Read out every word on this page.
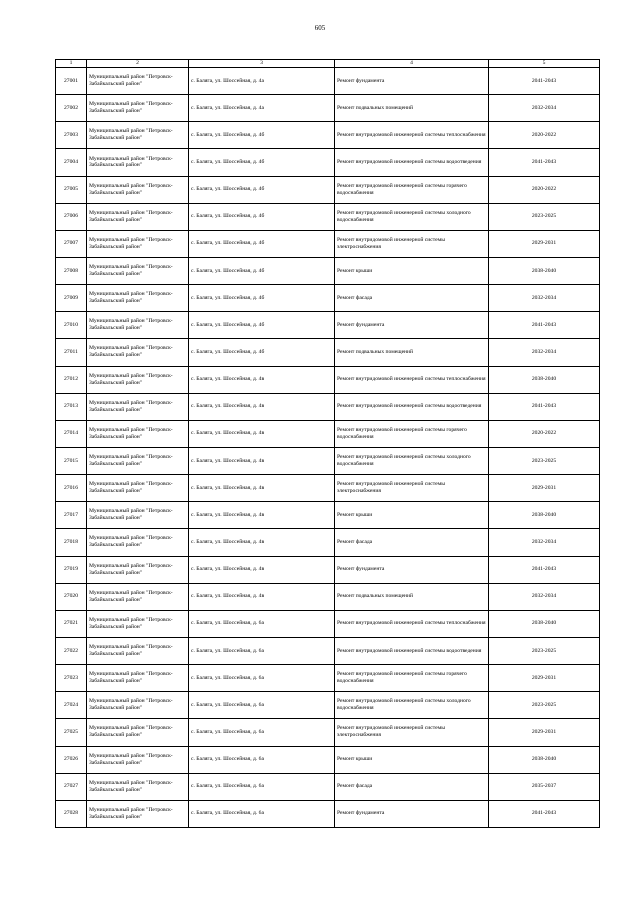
605
1	2	3	4	5
27001	Муниципальный район "Петровск-Забайкальский район"	с. Баляга, ул. Шоссейная, д. 4а	Ремонт фундамента	2041-2043
27002	Муниципальный район "Петровск-Забайкальский район"	с. Баляга, ул. Шоссейная, д. 4а	Ремонт подвальных помещений	2032-2034
27003	Муниципальный район "Петровск-Забайкальский район"	с. Баляга, ул. Шоссейная, д. 4б	Ремонт внутридомовой инженерной системы теплоснабжения	2020-2022
27004	Муниципальный район "Петровск-Забайкальский район"	с. Баляга, ул. Шоссейная, д. 4б	Ремонт внутридомовой инженерной системы водоотведения	2041-2043
27005	Муниципальный район "Петровск-Забайкальский район"	с. Баляга, ул. Шоссейная, д. 4б	Ремонт внутридомовой инженерной системы горячего водоснабжения	2020-2022
27006	Муниципальный район "Петровск-Забайкальский район"	с. Баляга, ул. Шоссейная, д. 4б	Ремонт внутридомовой инженерной системы холодного водоснабжения	2023-2025
27007	Муниципальный район "Петровск-Забайкальский район"	с. Баляга, ул. Шоссейная, д. 4б	Ремонт внутридомовой инженерной системы электроснабжения	2029-2031
27008	Муниципальный район "Петровск-Забайкальский район"	с. Баляга, ул. Шоссейная, д. 4б	Ремонт крыши	2038-2040
27009	Муниципальный район "Петровск-Забайкальский район"	с. Баляга, ул. Шоссейная, д. 4б	Ремонт фасада	2032-2034
27010	Муниципальный район "Петровск-Забайкальский район"	с. Баляга, ул. Шоссейная, д. 4б	Ремонт фундамента	2041-2043
27011	Муниципальный район "Петровск-Забайкальский район"	с. Баляга, ул. Шоссейная, д. 4б	Ремонт подвальных помещений	2032-2034
27012	Муниципальный район "Петровск-Забайкальский район"	с. Баляга, ул. Шоссейная, д. 4в	Ремонт внутридомовой инженерной системы теплоснабжения	2038-2040
27013	Муниципальный район "Петровск-Забайкальский район"	с. Баляга, ул. Шоссейная, д. 4в	Ремонт внутридомовой инженерной системы водоотведения	2041-2043
27014	Муниципальный район "Петровск-Забайкальский район"	с. Баляга, ул. Шоссейная, д. 4в	Ремонт внутридомовой инженерной системы горячего водоснабжения	2020-2022
27015	Муниципальный район "Петровск-Забайкальский район"	с. Баляга, ул. Шоссейная, д. 4в	Ремонт внутридомовой инженерной системы холодного водоснабжения	2023-2025
27016	Муниципальный район "Петровск-Забайкальский район"	с. Баляга, ул. Шоссейная, д. 4в	Ремонт внутридомовой инженерной системы электроснабжения	2029-2031
27017	Муниципальный район "Петровск-Забайкальский район"	с. Баляга, ул. Шоссейная, д. 4в	Ремонт крыши	2038-2040
27018	Муниципальный район "Петровск-Забайкальский район"	с. Баляга, ул. Шоссейная, д. 4в	Ремонт фасада	2032-2034
27019	Муниципальный район "Петровск-Забайкальский район"	с. Баляга, ул. Шоссейная, д. 4в	Ремонт фундамента	2041-2043
27020	Муниципальный район "Петровск-Забайкальский район"	с. Баляга, ул. Шоссейная, д. 4в	Ремонт подвальных помещений	2032-2034
27021	Муниципальный район "Петровск-Забайкальский район"	с. Баляга, ул. Шоссейная, д. 6а	Ремонт внутридомовой инженерной системы теплоснабжения	2038-2040
27022	Муниципальный район "Петровск-Забайкальский район"	с. Баляга, ул. Шоссейная, д. 6а	Ремонт внутридомовой инженерной системы водоотведения	2023-2025
27023	Муниципальный район "Петровск-Забайкальский район"	с. Баляга, ул. Шоссейная, д. 6а	Ремонт внутридомовой инженерной системы горячего водоснабжения	2029-2031
27024	Муниципальный район "Петровск-Забайкальский район"	с. Баляга, ул. Шоссейная, д. 6а	Ремонт внутридомовой инженерной системы холодного водоснабжения	2023-2025
27025	Муниципальный район "Петровск-Забайкальский район"	с. Баляга, ул. Шоссейная, д. 6а	Ремонт внутридомовой инженерной системы электроснабжения	2029-2031
27026	Муниципальный район "Петровск-Забайкальский район"	с. Баляга, ул. Шоссейная, д. 6а	Ремонт крыши	2038-2040
27027	Муниципальный район "Петровск-Забайкальский район"	с. Баляга, ул. Шоссейная, д. 6а	Ремонт фасада	2035-2037
27028	Муниципальный район "Петровск-Забайкальский район"	с. Баляга, ул. Шоссейная, д. 6а	Ремонт фундамента	2041-2043
